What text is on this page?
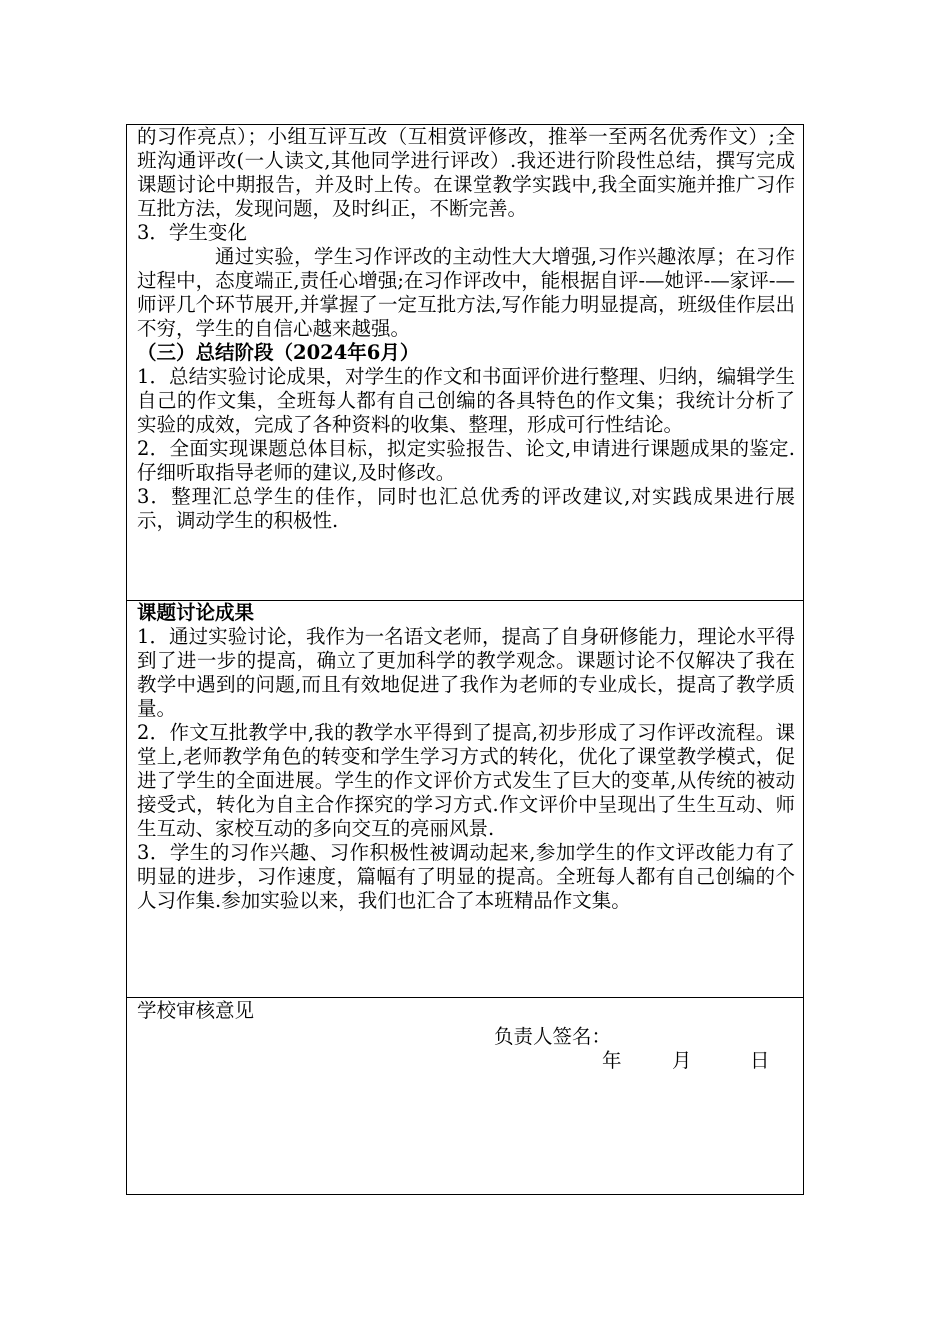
的习作亮点）；小组互评互改（互相赏评修改，推举一至两名优秀作文）;全班沟通评改(一人读文,其他同学进行评改）.我还进行阶段性总结，撰写完成课题讨论中期报告，并及时上传。在课堂教学实践中,我全面实施并推广习作互批方法，发现问题，及时纠正，不断完善。

3．学生变化

通过实验，学生习作评改的主动性大大增强,习作兴趣浓厚；在习作过程中，态度端正,责任心增强;在习作评改中，能根据自评-—她评-—家评-—师评几个环节展开,并掌握了一定互批方法,写作能力明显提高，班级佳作层出不穷，学生的自信心越来越强。

（三）总结阶段（2024年6月）

1．总结实验讨论成果，对学生的作文和书面评价进行整理、归纳，编辑学生自己的作文集，全班每人都有自己创编的各具特色的作文集；我统计分析了实验的成效，完成了各种资料的收集、整理，形成可行性结论。

2．全面实现课题总体目标，拟定实验报告、论文,申请进行课题成果的鉴定.仔细听取指导老师的建议,及时修改。

3．整理汇总学生的佳作，同时也汇总优秀的评改建议,对实践成果进行展示，调动学生的积极性.

课题讨论成果

1．通过实验讨论，我作为一名语文老师，提高了自身研修能力，理论水平得到了进一步的提高，确立了更加科学的教学观念。课题讨论不仅解决了我在教学中遇到的问题,而且有效地促进了我作为老师的专业成长，提高了教学质量。

2．作文互批教学中,我的教学水平得到了提高,初步形成了习作评改流程。课堂上,老师教学角色的转变和学生学习方式的转化，优化了课堂教学模式，促进了学生的全面进展。学生的作文评价方式发生了巨大的变革,从传统的被动接受式，转化为自主合作探究的学习方式.作文评价中呈现出了生生互动、师生互动、家校互动的多向交互的亮丽风景.

3．学生的习作兴趣、习作积极性被调动起来,参加学生的作文评改能力有了明显的进步，习作速度，篇幅有了明显的提高。全班每人都有自己创编的个人习作集.参加实验以来，我们也汇合了本班精品作文集。

学校审核意见

负责人签名：
年	月	日
